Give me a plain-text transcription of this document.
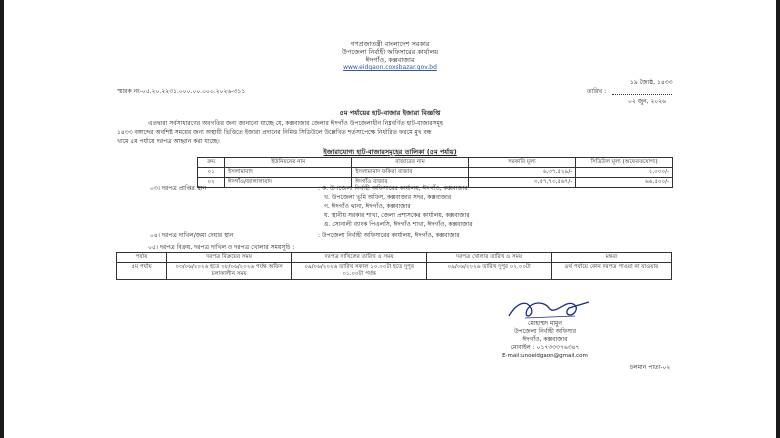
গণপ্রজাতন্ত্রী বাংলাদেশ সরকার
উপজেলা নির্বাহী অফিসারের কার্যালয়
ঈদগাঁও, কক্সবাজার
www.eidgaon.coxsbazar.gov.bd
১৯ জ্যৈষ্ঠ, ১৪৩৩
স্মারক নং-০৫.২০.২২৩১.০০০.০০.০০০.২০২৬-৩১১	তারিখ :
০২ জুন, ২০২৬
৫ম পর্যায়ের হাট-বাজার ইজারা বিজ্ঞপ্তি
এতদ্বারা সর্বসাধারণের অবগতির জন্য জানানো যাচ্ছে যে, কক্সবাজার জেলার ঈদগাঁও উপজেলাধীন নিম্নবর্ণিত হাট-বাজারসমূহ
১৪৩৩ বঙ্গাব্দের অবশিষ্ট সময়ের জন্য অস্থায়ী ভিত্তিতে ইজারা প্রদানের নিমিত্ত সিডিউলে উল্লেখিত শর্তসাপেক্ষে নির্ধারিত ফরমে মুখ বন্ধ
খামে ৫ম পর্যায়ে দরপত্র আহ্বান করা যাচ্ছে।
ইজারাযোগ্য হাট-বাজারসমূহের তালিকা (৫ম পর্যায়)
ক্রম	ইউনিয়নের নাম	বাজারের নাম	সরকারি মূল্য	সিডিউল মূল্য (অফেরতযোগ্য)
০১	ইসলামাবাদ	ইসলামাবাদ ফকিরা বাজার	৬,৩৭,৫২৯/-	২,০০০/-
০২	ঈদগাঁও/জালালাবাদ	ঈদগাঁও বাজার	৩,৫৭,৭৩,৫৬৭/-	৬৬,৫০০/-
০৩। দরপত্র প্রাপ্তির স্থান	: ক. উপজেলা নির্বাহী অফিসারের কার্যালয়, ঈদগাঁও, কক্সবাজার
খ. উপজেলা ভূমি অফিস, কক্সবাজার সদর, কক্সবাজার
গ. ঈদগাঁও থানা, ঈদগাঁও, কক্সবাজার
ঘ. স্থানীয় সরকার শাখা, জেলা প্রশাসকের কার্যালয়, কক্সবাজার
ঙ. সোনালী ব্যাংক পিএলসি, ঈদগাঁও শাখা, ঈদগাঁও, কক্সবাজার
০৪। দরপত্র দাখিল/জমা দেয়ার স্থান	: উপজেলা নির্বাহী অফিসারের কার্যালয়, ঈদগাঁও, কক্সবাজার
০৫। দরপত্র বিক্রয়, দরপত্র দাখিল ও দরপত্র খোলার সময়সূচি :
পর্যায়	দরপত্র বিক্রয়ের সময়	দরপত্র দাখিলের তারিখ ও সময়	দরপত্র খোলার তারিখ ও সময়	মন্তব্য
৫ম পর্যায়	০৩/০৬/২০২৬ হতে ০৮/০৬/২০২৬ পর্যন্ত অফিস চলাকালীন সময়	০৯/০৬/২০২৬ তারিখ সকাল ১০.০০টা হতে দুপুর ০১.০০টা পর্যন্ত	০৯/০৬/২০২৬ তারিখ দুপুর ০২.০০টা	৪র্থ পর্যায়ে কোন দরপত্র পাওয়া না যাওয়ায়
মোহাম্মদ মামুন
উপজেলা নির্বাহী অফিসার
ঈদগাঁও, কক্সবাজার
মোবাইল : ০১৭৩৩৩৭৬৩৪৭
E-mail:unoeidgaon@gmail.com
চলমান পাতা-০২
